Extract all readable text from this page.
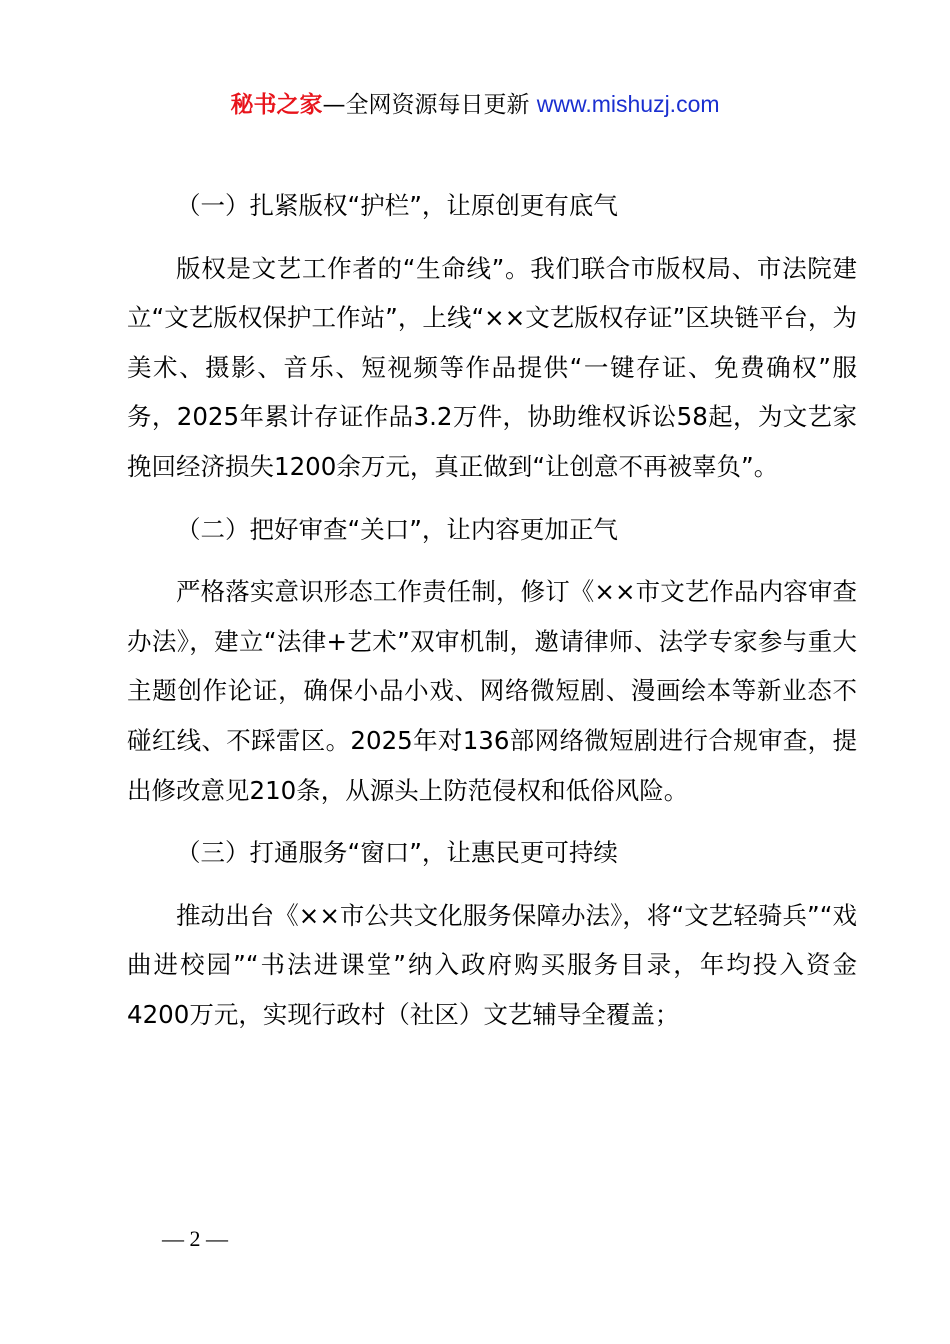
秘书之家—全网资源每日更新 www.mishuzj.com

（一）扎紧版权“护栏”，让原创更有底气

版权是文艺工作者的“生命线”。我们联合市版权局、市法院建立“文艺版权保护工作站”，上线“××文艺版权存证”区块链平台，为美术、摄影、音乐、短视频等作品提供“一键存证、免费确权”服务，2025年累计存证作品3.2万件，协助维权诉讼58起，为文艺家挽回经济损失1200余万元，真正做到“让创意不再被辜负”。

（二）把好审查“关口”，让内容更加正气

严格落实意识形态工作责任制，修订《××市文艺作品内容审查办法》，建立“法律+艺术”双审机制，邀请律师、法学专家参与重大主题创作论证，确保小品小戏、网络微短剧、漫画绘本等新业态不碰红线、不踩雷区。2025年对136部网络微短剧进行合规审查，提出修改意见210条，从源头上防范侵权和低俗风险。

（三）打通服务“窗口”，让惠民更可持续

推动出台《××市公共文化服务保障办法》，将“文艺轻骑兵”“戏曲进校园”“书法进课堂”纳入政府购买服务目录，年均投入资金4200万元，实现行政村（社区）文艺辅导全覆盖；

— 2 —
